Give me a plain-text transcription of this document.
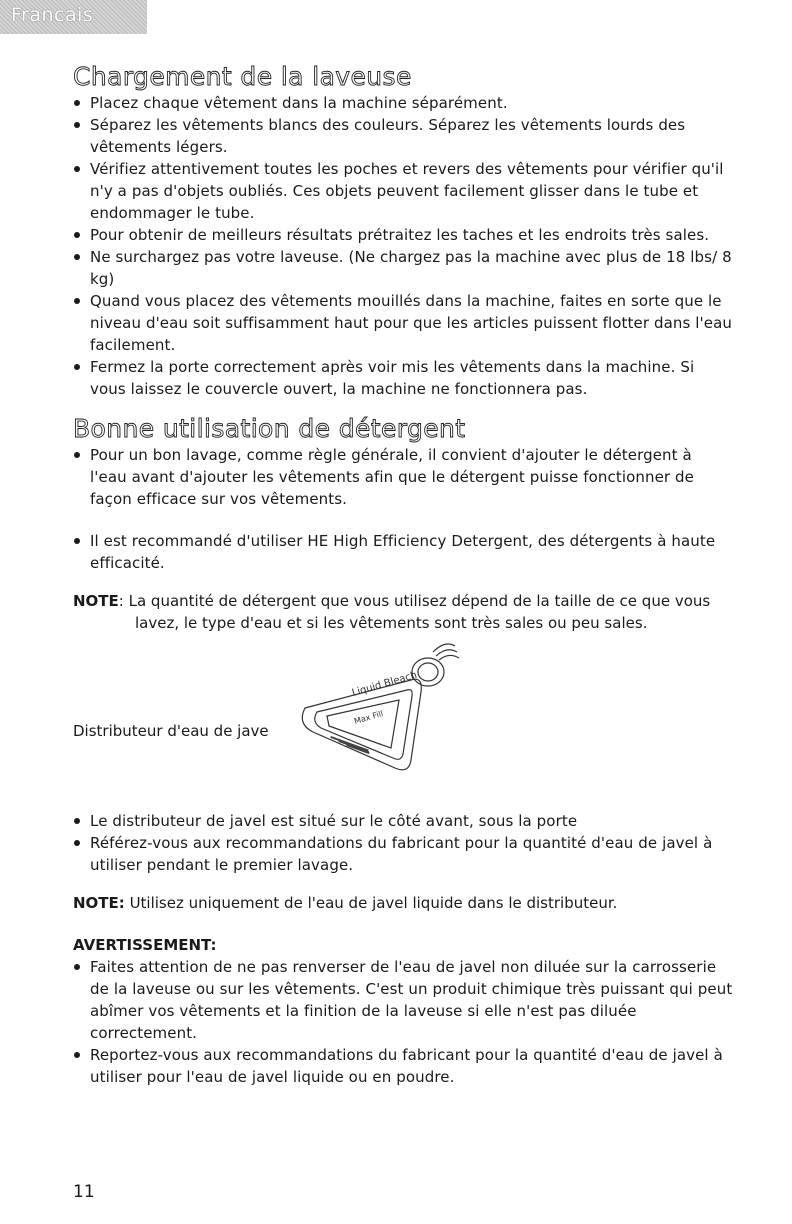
Francais
Chargement de la laveuse
Placez chaque vêtement dans la machine séparément.
Séparez les vêtements blancs des couleurs. Séparez les vêtements lourds des vêtements légers.
Vérifiez attentivement toutes les poches et revers des vêtements pour vérifier qu'il n'y a pas d'objets oubliés. Ces objets peuvent facilement glisser dans le tube et endommager le tube.
Pour obtenir de meilleurs résultats prétraitez les taches et les endroits très sales.
Ne surchargez pas votre laveuse. (Ne chargez pas la machine avec plus de 18 lbs/ 8 kg)
Quand vous placez des vêtements mouillés dans la machine, faites en sorte que le niveau d'eau soit suffisamment haut pour que les articles puissent flotter dans l'eau facilement.
Fermez la porte correctement après voir mis les vêtements dans la machine. Si vous laissez le couvercle ouvert, la machine ne fonctionnera pas.
Bonne utilisation de détergent
Pour un bon lavage, comme règle générale, il convient d'ajouter le détergent à l'eau avant d'ajouter les vêtements afin que le détergent puisse fonctionner de façon efficace sur vos vêtements.
Il est recommandé d'utiliser HE High Efficiency Detergent, des détergents à haute efficacité.

NOTE: La quantité de détergent que vous utilisez dépend de la taille de ce que vous lavez, le type d'eau et si les vêtements sont très sales ou peu sales.

Distributeur d'eau de jave
Liquid Bleach
Max Fill
Le distributeur de javel est situé sur le côté avant, sous la porte
Référez-vous aux recommandations du fabricant pour la quantité d'eau de javel à utiliser pendant le premier lavage.

NOTE: Utilisez uniquement de l'eau de javel liquide dans le distributeur.

AVERTISSEMENT:

Faites attention de ne pas renverser de l'eau de javel non diluée sur la carrosserie de la laveuse ou sur les vêtements. C'est un produit chimique très puissant qui peut abîmer vos vêtements et la finition de la laveuse si elle n'est pas diluée correctement.
Reportez-vous aux recommandations du fabricant pour la quantité d'eau de javel à utiliser pour l'eau de javel liquide ou en poudre.
11
